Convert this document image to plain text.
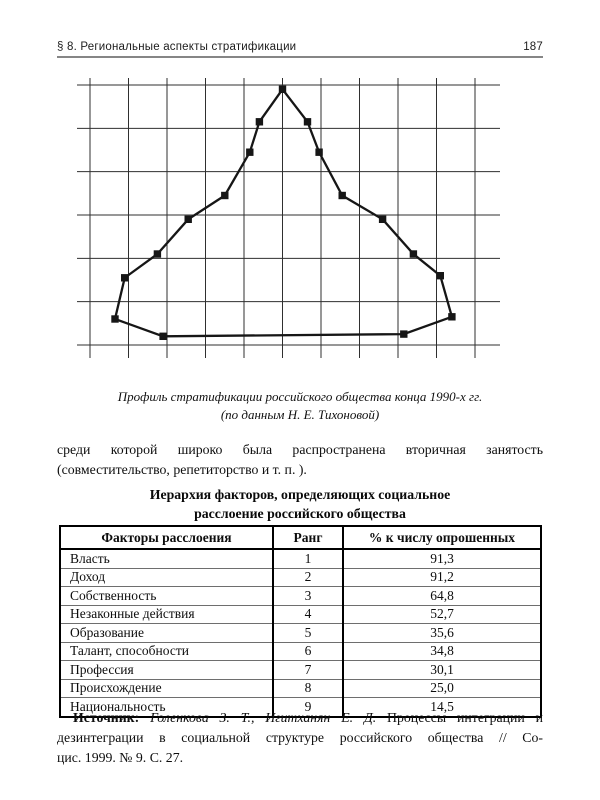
§ 8. Региональные аспекты стратификации	187
Профиль стратификации российского общества конца 1990-х гг.
(по данным Н. Е. Тихоновой)
среди которой широко была распространена вторичная занятость
(совместительство, репетиторство и т. п. ).
Иерархия факторов, определяющих социальное
расслоение российского общества
Факторы расслоения	Ранг	% к числу опрошенных
Власть	1	91,3
Доход	2	91,2
Собственность	3	64,8
Незаконные действия	4	52,7
Образование	5	35,6
Талант, способности	6	34,8
Профессия	7	30,1
Происхождение	8	25,0
Национальность	9	14,5
Источник: Голенкова З. Т., Игитханян Е. Д. Процессы интеграции и
дезинтеграции в социальной структуре российского общества // Со-
цис. 1999. № 9. С. 27.
